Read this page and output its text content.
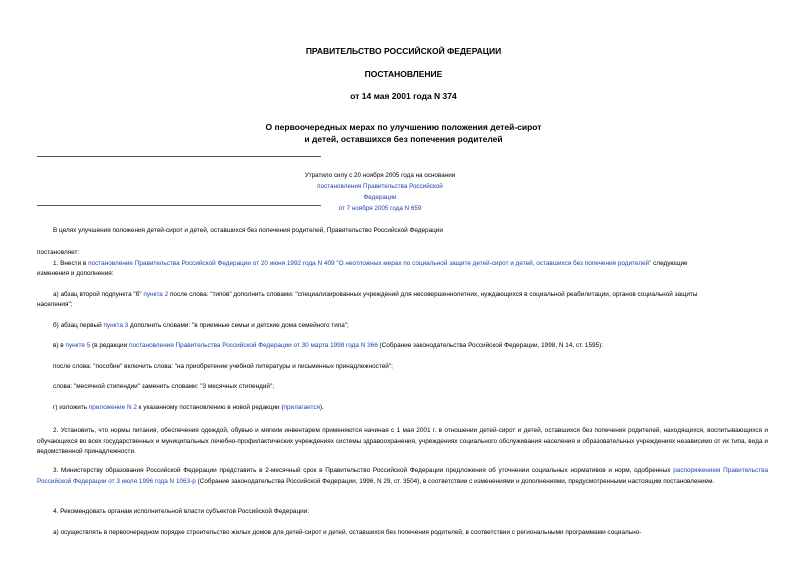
ПРАВИТЕЛЬСТВО РОССИЙСКОЙ ФЕДЕРАЦИИ
ПОСТАНОВЛЕНИЕ
от 14 мая 2001 года N 374
О первоочередных мерах по улучшению положения детей-сирот
и детей, оставшихся без попечения родителей
Утратило силу с 20 ноября 2005 года на основании
постановления Правительства Российской Федерации
от 7 ноября 2005 года N 659
В целях улучшения положения детей-сирот и детей, оставшихся без попечения родителей, Правительство Российской Федерации
постановляет:
1. Внести в постановление Правительства Российской Федерации от 20 июня 1992 года N 409 "О неотложных мерах по социальной защите детей-сирот и детей, оставшихся без попечения родителей" следующие
изменения и дополнения:
а) абзац второй подпункта "б" пункта 2 после слова: "типов" дополнить словами: "специализированных учреждений для несовершеннолетних, нуждающихся в социальной реабилитации, органов социальной защиты
населения";
б) абзац первый пункта 3 дополнить словами: "в приемные семьи и детские дома семейного типа";
в) в пункте 5 (в редакции постановления Правительства Российской Федерации от 30 марта 1998 года N 366 (Собрание законодательства Российской Федерации, 1998, N 14, ст. 1595):
после слова: "пособие" включить слова: "на приобретение учебной литературы и письменных принадлежностей";
слова: "месячной стипендии" заменить словами: "3 месячных стипендий";
г) изложить приложение N 2 к указанному постановлению в новой редакции (прилагается).
2. Установить, что нормы питания, обеспечения одеждой, обувью и мягким инвентарем применяются начиная с 1 мая 2001 г. в отношении детей-сирот и детей, оставшихся без попечения родителей, находящихся, воспитывающихся и обучающихся во всех государственных и муниципальных лечебно-профилактических учреждениях системы здравоохранения, учреждениях социального обслуживания населения и образовательных учреждениях независимо от их типа, вида и ведомственной принадлежности.
3. Министерству образования Российской Федерации представить в 2-месячный срок в Правительство Российской Федерации предложения об уточнении социальных нормативов и норм, одобренных распоряжением Правительства Российской Федерации от 3 июля 1996 года N 1063-р (Собрание законодательства Российской Федерации, 1996, N 29, ст. 3504), в соответствии с изменениями и дополнениями, предусмотренными настоящим постановлением.
4. Рекомендовать органам исполнительной власти субъектов Российской Федерации:
а) осуществлять в первоочередном порядке строительство жилых домов для детей-сирот и детей, оставшихся без попечения родителей, в соответствии с региональными программами социально-
